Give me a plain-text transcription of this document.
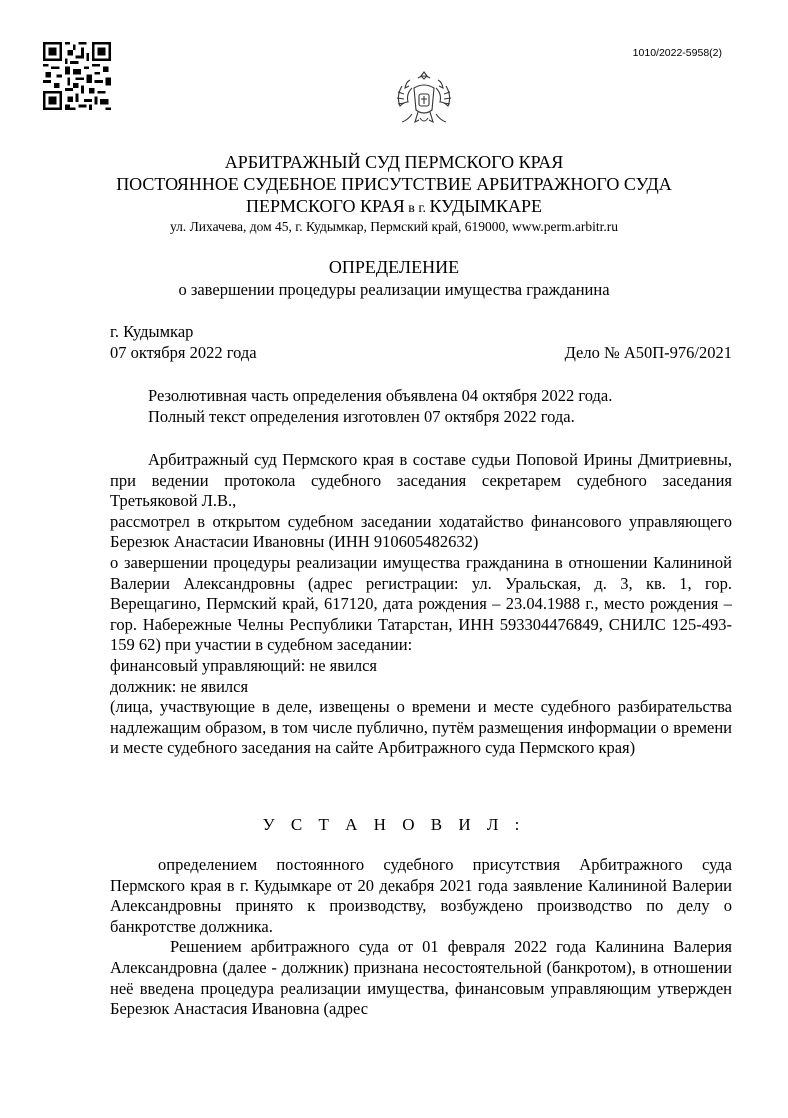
1010/2022-5958(2)
АРБИТРАЖНЫЙ СУД ПЕРМСКОГО КРАЯ
ПОСТОЯННОЕ СУДЕБНОЕ ПРИСУТСТВИЕ АРБИТРАЖНОГО СУДА
ПЕРМСКОГО КРАЯ в г. КУДЫМКАРЕ
ул. Лихачева, дом 45, г. Кудымкар, Пермский край, 619000, www.perm.arbitr.ru
ОПРЕДЕЛЕНИЕ
о завершении процедуры реализации имущества гражданина
г. Кудымкар
07 октября 2022 года	Дело № А50П-976/2021
Резолютивная часть определения объявлена 04 октября 2022 года.
Полный текст определения изготовлен 07 октября 2022 года.

Арбитражный суд Пермского края в составе судьи Поповой Ирины Дмитриевны, при ведении протокола судебного заседания секретарем судебного заседания Третьяковой Л.В.,

рассмотрел в открытом судебном заседании ходатайство финансового управляющего Березюк Анастасии Ивановны (ИНН 910605482632)

о завершении процедуры реализации имущества гражданина в отношении Калининой Валерии Александровны (адрес регистрации: ул. Уральская, д. 3, кв. 1, гор. Верещагино, Пермский край, 617120, дата рождения – 23.04.1988 г., место рождения – гор. Набережные Челны Республики Татарстан, ИНН 593304476849, СНИЛС 125-493-159 62) при участии в судебном заседании:

финансовый управляющий: не явился

должник: не явился

(лица, участвующие в деле, извещены о времени и месте судебного разбирательства надлежащим образом, в том числе публично, путём размещения информации о времени и месте судебного заседания на сайте Арбитражного суда Пермского края)

У С Т А Н О В И Л :

определением постоянного судебного присутствия Арбитражного суда Пермского края в г. Кудымкаре от 20 декабря 2021 года заявление Калининой Валерии Александровны принято к производству, возбуждено производство по делу о банкротстве должника.

Решением арбитражного суда от 01 февраля 2022 года Калинина Валерия Александровна (далее - должник) признана несостоятельной (банкротом), в отношении неё введена процедура реализации имущества, финансовым управляющим утвержден Березюк Анастасия Ивановна (адрес
